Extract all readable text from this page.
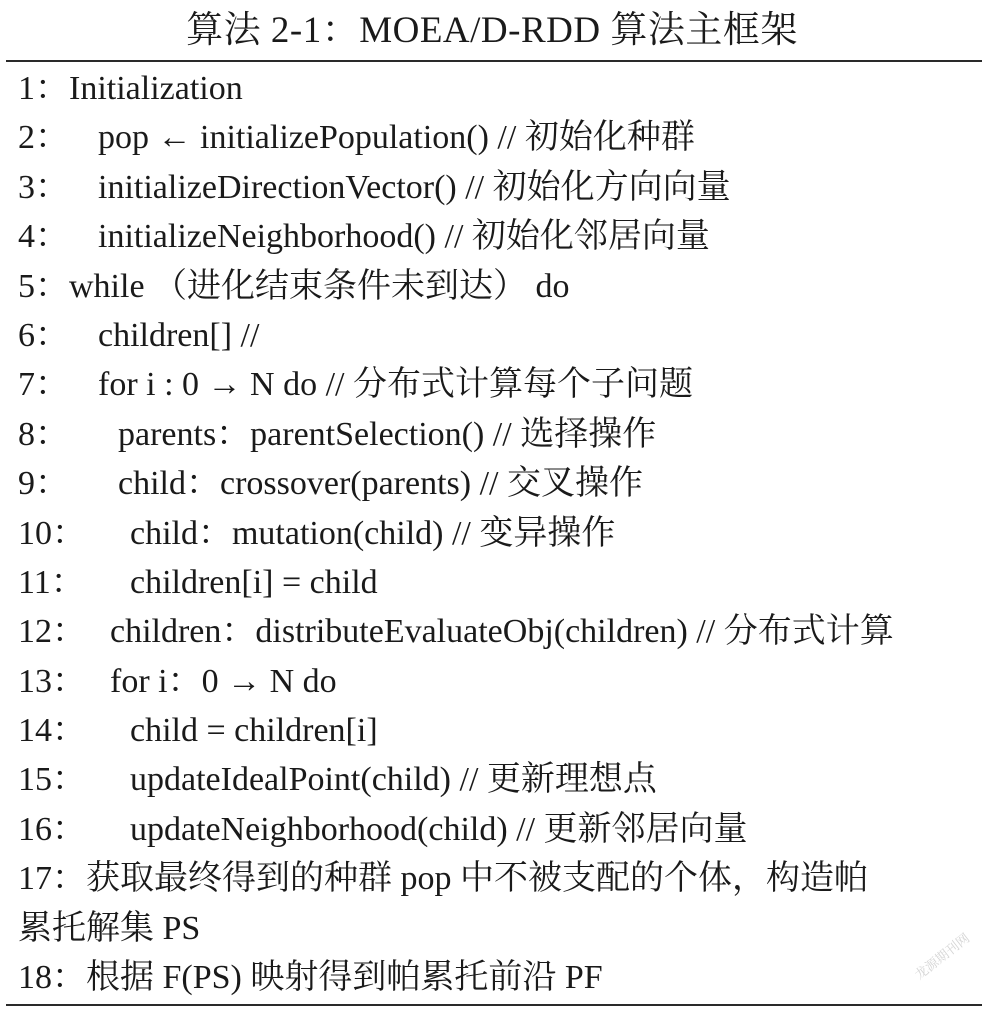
算法 2-1：MOEA/D-RDD 算法主框架
1：Initialization
2： pop ← initializePopulation() // 初始化种群
3： initializeDirectionVector() // 初始化方向向量
4： initializeNeighborhood() // 初始化邻居向量
5：while （进化结束条件未到达） do
6： children[] //
7： for i : 0 → N do // 分布式计算每个子问题
8： parents：parentSelection() // 选择操作
9： child：crossover(parents) // 交叉操作
10： child：mutation(child) // 变异操作
11： children[i] = child
12： children：distributeEvaluateObj(children) // 分布式计算
13： for i：0 → N do
14： child = children[i]
15： updateIdealPoint(child) // 更新理想点
16： updateNeighborhood(child) // 更新邻居向量
17：获取最终得到的种群 pop 中不被支配的个体，构造帕
累托解集 PS
18：根据 F(PS) 映射得到帕累托前沿 PF	龙源期刊网
